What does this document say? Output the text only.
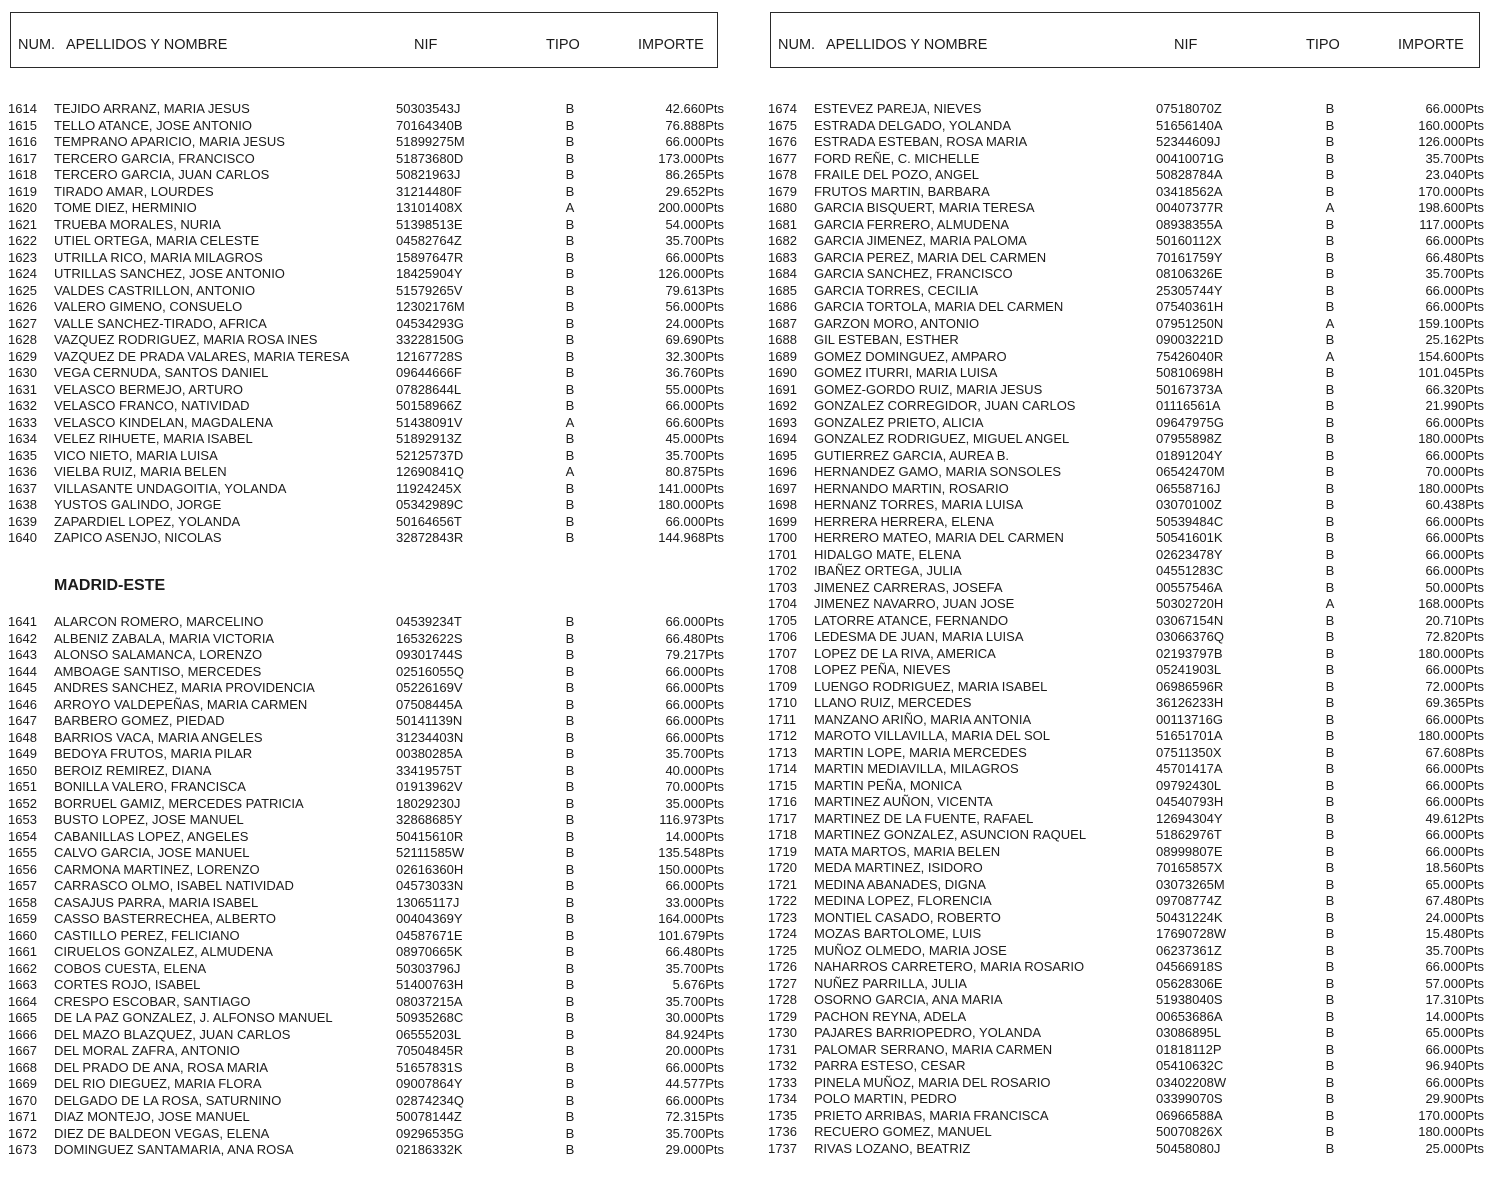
NUM. APELLIDOS Y NOMBRE	NIF	TIPO	IMPORTE
1614 TEJIDO ARRANZ, MARIA JESUS	50303543J	B	42.660Pts
1615 TELLO ATANCE, JOSE ANTONIO	70164340B	B	76.888Pts
1616 TEMPRANO APARICIO, MARIA JESUS	51899275M	B	66.000Pts
1617 TERCERO GARCIA, FRANCISCO	51873680D	B	173.000Pts
1618 TERCERO GARCIA, JUAN CARLOS	50821963J	B	86.265Pts
1619 TIRADO AMAR, LOURDES	31214480F	B	29.652Pts
1620 TOME DIEZ, HERMINIO	13101408X	A	200.000Pts
1621 TRUEBA MORALES, NURIA	51398513E	B	54.000Pts
1622 UTIEL ORTEGA, MARIA CELESTE	04582764Z	B	35.700Pts
1623 UTRILLA RICO, MARIA MILAGROS	15897647R	B	66.000Pts
1624 UTRILLAS SANCHEZ, JOSE ANTONIO	18425904Y	B	126.000Pts
1625 VALDES CASTRILLON, ANTONIO	51579265V	B	79.613Pts
1626 VALERO GIMENO, CONSUELO	12302176M	B	56.000Pts
1627 VALLE SANCHEZ-TIRADO, AFRICA	04534293G	B	24.000Pts
1628 VAZQUEZ RODRIGUEZ, MARIA ROSA INES	33228150G	B	69.690Pts
1629 VAZQUEZ DE PRADA VALARES, MARIA TERESA	12167728S	B	32.300Pts
1630 VEGA CERNUDA, SANTOS DANIEL	09644666F	B	36.760Pts
1631 VELASCO BERMEJO, ARTURO	07828644L	B	55.000Pts
1632 VELASCO FRANCO, NATIVIDAD	50158966Z	B	66.000Pts
1633 VELASCO KINDELAN, MAGDALENA	51438091V	A	66.600Pts
1634 VELEZ RIHUETE, MARIA ISABEL	51892913Z	B	45.000Pts
1635 VICO NIETO, MARIA LUISA	52125737D	B	35.700Pts
1636 VIELBA RUIZ, MARIA BELEN	12690841Q	A	80.875Pts
1637 VILLASANTE UNDAGOITIA, YOLANDA	11924245X	B	141.000Pts
1638 YUSTOS GALINDO, JORGE	05342989C	B	180.000Pts
1639 ZAPARDIEL LOPEZ, YOLANDA	50164656T	B	66.000Pts
1640 ZAPICO ASENJO, NICOLAS	32872843R	B	144.968Pts
MADRID-ESTE
1641 ALARCON ROMERO, MARCELINO	04539234T	B	66.000Pts
1642 ALBENIZ ZABALA, MARIA VICTORIA	16532622S	B	66.480Pts
1643 ALONSO SALAMANCA, LORENZO	09301744S	B	79.217Pts
1644 AMBOAGE SANTISO, MERCEDES	02516055Q	B	66.000Pts
1645 ANDRES SANCHEZ, MARIA PROVIDENCIA	05226169V	B	66.000Pts
1646 ARROYO VALDEPEÑAS, MARIA CARMEN	07508445A	B	66.000Pts
1647 BARBERO GOMEZ, PIEDAD	50141139N	B	66.000Pts
1648 BARRIOS VACA, MARIA ANGELES	31234403N	B	66.000Pts
1649 BEDOYA FRUTOS, MARIA PILAR	00380285A	B	35.700Pts
1650 BEROIZ REMIREZ, DIANA	33419575T	B	40.000Pts
1651 BONILLA VALERO, FRANCISCA	01913962V	B	70.000Pts
1652 BORRUEL GAMIZ, MERCEDES PATRICIA	18029230J	B	35.000Pts
1653 BUSTO LOPEZ, JOSE MANUEL	32868685Y	B	116.973Pts
1654 CABANILLAS LOPEZ, ANGELES	50415610R	B	14.000Pts
1655 CALVO GARCIA, JOSE MANUEL	52111585W	B	135.548Pts
1656 CARMONA MARTINEZ, LORENZO	02616360H	B	150.000Pts
1657 CARRASCO OLMO, ISABEL NATIVIDAD	04573033N	B	66.000Pts
1658 CASAJUS PARRA, MARIA ISABEL	13065117J	B	33.000Pts
1659 CASSO BASTERRECHEA, ALBERTO	00404369Y	B	164.000Pts
1660 CASTILLO PEREZ, FELICIANO	04587671E	B	101.679Pts
1661 CIRUELOS GONZALEZ, ALMUDENA	08970665K	B	66.480Pts
1662 COBOS CUESTA, ELENA	50303796J	B	35.700Pts
1663 CORTES ROJO, ISABEL	51400763H	B	5.676Pts
1664 CRESPO ESCOBAR, SANTIAGO	08037215A	B	35.700Pts
1665 DE LA PAZ GONZALEZ, J. ALFONSO MANUEL	50935268C	B	30.000Pts
1666 DEL MAZO BLAZQUEZ, JUAN CARLOS	06555203L	B	84.924Pts
1667 DEL MORAL ZAFRA, ANTONIO	70504845R	B	20.000Pts
1668 DEL PRADO DE ANA, ROSA MARIA	51657831S	B	66.000Pts
1669 DEL RIO DIEGUEZ, MARIA FLORA	09007864Y	B	44.577Pts
1670 DELGADO DE LA ROSA, SATURNINO	02874234Q	B	66.000Pts
1671 DIAZ MONTEJO, JOSE MANUEL	50078144Z	B	72.315Pts
1672 DIEZ DE BALDEON VEGAS, ELENA	09296535G	B	35.700Pts
1673 DOMINGUEZ SANTAMARIA, ANA ROSA	02186332K	B	29.000Pts
NUM. APELLIDOS Y NOMBRE	NIF	TIPO	IMPORTE
1674 ESTEVEZ PAREJA, NIEVES	07518070Z	B	66.000Pts
1675 ESTRADA DELGADO, YOLANDA	51656140A	B	160.000Pts
1676 ESTRADA ESTEBAN, ROSA MARIA	52344609J	B	126.000Pts
1677 FORD REÑE, C. MICHELLE	00410071G	B	35.700Pts
1678 FRAILE DEL POZO, ANGEL	50828784A	B	23.040Pts
1679 FRUTOS MARTIN, BARBARA	03418562A	B	170.000Pts
1680 GARCIA BISQUERT, MARIA TERESA	00407377R	A	198.600Pts
1681 GARCIA FERRERO, ALMUDENA	08938355A	B	117.000Pts
1682 GARCIA JIMENEZ, MARIA PALOMA	50160112X	B	66.000Pts
1683 GARCIA PEREZ, MARIA DEL CARMEN	70161759Y	B	66.480Pts
1684 GARCIA SANCHEZ, FRANCISCO	08106326E	B	35.700Pts
1685 GARCIA TORRES, CECILIA	25305744Y	B	66.000Pts
1686 GARCIA TORTOLA, MARIA DEL CARMEN	07540361H	B	66.000Pts
1687 GARZON MORO, ANTONIO	07951250N	A	159.100Pts
1688 GIL ESTEBAN, ESTHER	09003221D	B	25.162Pts
1689 GOMEZ DOMINGUEZ, AMPARO	75426040R	A	154.600Pts
1690 GOMEZ ITURRI, MARIA LUISA	50810698H	B	101.045Pts
1691 GOMEZ-GORDO RUIZ, MARIA JESUS	50167373A	B	66.320Pts
1692 GONZALEZ CORREGIDOR, JUAN CARLOS	01116561A	B	21.990Pts
1693 GONZALEZ PRIETO, ALICIA	09647975G	B	66.000Pts
1694 GONZALEZ RODRIGUEZ, MIGUEL ANGEL	07955898Z	B	180.000Pts
1695 GUTIERREZ GARCIA, AUREA B.	01891204Y	B	66.000Pts
1696 HERNANDEZ GAMO, MARIA SONSOLES	06542470M	B	70.000Pts
1697 HERNANDO MARTIN, ROSARIO	06558716J	B	180.000Pts
1698 HERNANZ TORRES, MARIA LUISA	03070100Z	B	60.438Pts
1699 HERRERA HERRERA, ELENA	50539484C	B	66.000Pts
1700 HERRERO MATEO, MARIA DEL CARMEN	50541601K	B	66.000Pts
1701 HIDALGO MATE, ELENA	02623478Y	B	66.000Pts
1702 IBAÑEZ ORTEGA, JULIA	04551283C	B	66.000Pts
1703 JIMENEZ CARRERAS, JOSEFA	00557546A	B	50.000Pts
1704 JIMENEZ NAVARRO, JUAN JOSE	50302720H	A	168.000Pts
1705 LATORRE ATANCE, FERNANDO	03067154N	B	20.710Pts
1706 LEDESMA DE JUAN, MARIA LUISA	03066376Q	B	72.820Pts
1707 LOPEZ DE LA RIVA, AMERICA	02193797B	B	180.000Pts
1708 LOPEZ PEÑA, NIEVES	05241903L	B	66.000Pts
1709 LUENGO RODRIGUEZ, MARIA ISABEL	06986596R	B	72.000Pts
1710 LLANO RUIZ, MERCEDES	36126233H	B	69.365Pts
1711 MANZANO ARIÑO, MARIA ANTONIA	00113716G	B	66.000Pts
1712 MAROTO VILLAVILLA, MARIA DEL SOL	51651701A	B	180.000Pts
1713 MARTIN LOPE, MARIA MERCEDES	07511350X	B	67.608Pts
1714 MARTIN MEDIAVILLA, MILAGROS	45701417A	B	66.000Pts
1715 MARTIN PEÑA, MONICA	09792430L	B	66.000Pts
1716 MARTINEZ AUÑON, VICENTA	04540793H	B	66.000Pts
1717 MARTINEZ DE LA FUENTE, RAFAEL	12694304Y	B	49.612Pts
1718 MARTINEZ GONZALEZ, ASUNCION RAQUEL	51862976T	B	66.000Pts
1719 MATA MARTOS, MARIA BELEN	08999807E	B	66.000Pts
1720 MEDA MARTINEZ, ISIDORO	70165857X	B	18.560Pts
1721 MEDINA ABANADES, DIGNA	03073265M	B	65.000Pts
1722 MEDINA LOPEZ, FLORENCIA	09708774Z	B	67.480Pts
1723 MONTIEL CASADO, ROBERTO	50431224K	B	24.000Pts
1724 MOZAS BARTOLOME, LUIS	17690728W	B	15.480Pts
1725 MUÑOZ OLMEDO, MARIA JOSE	06237361Z	B	35.700Pts
1726 NAHARROS CARRETERO, MARIA ROSARIO	04566918S	B	66.000Pts
1727 NUÑEZ PARRILLA, JULIA	05628306E	B	57.000Pts
1728 OSORNO GARCIA, ANA MARIA	51938040S	B	17.310Pts
1729 PACHON REYNA, ADELA	00653686A	B	14.000Pts
1730 PAJARES BARRIOPEDRO, YOLANDA	03086895L	B	65.000Pts
1731 PALOMAR SERRANO, MARIA CARMEN	01818112P	B	66.000Pts
1732 PARRA ESTESO, CESAR	05410632C	B	96.940Pts
1733 PINELA MUÑOZ, MARIA DEL ROSARIO	03402208W	B	66.000Pts
1734 POLO MARTIN, PEDRO	03399070S	B	29.900Pts
1735 PRIETO ARRIBAS, MARIA FRANCISCA	06966588A	B	170.000Pts
1736 RECUERO GOMEZ, MANUEL	50070826X	B	180.000Pts
1737 RIVAS LOZANO, BEATRIZ	50458080J	B	25.000Pts
